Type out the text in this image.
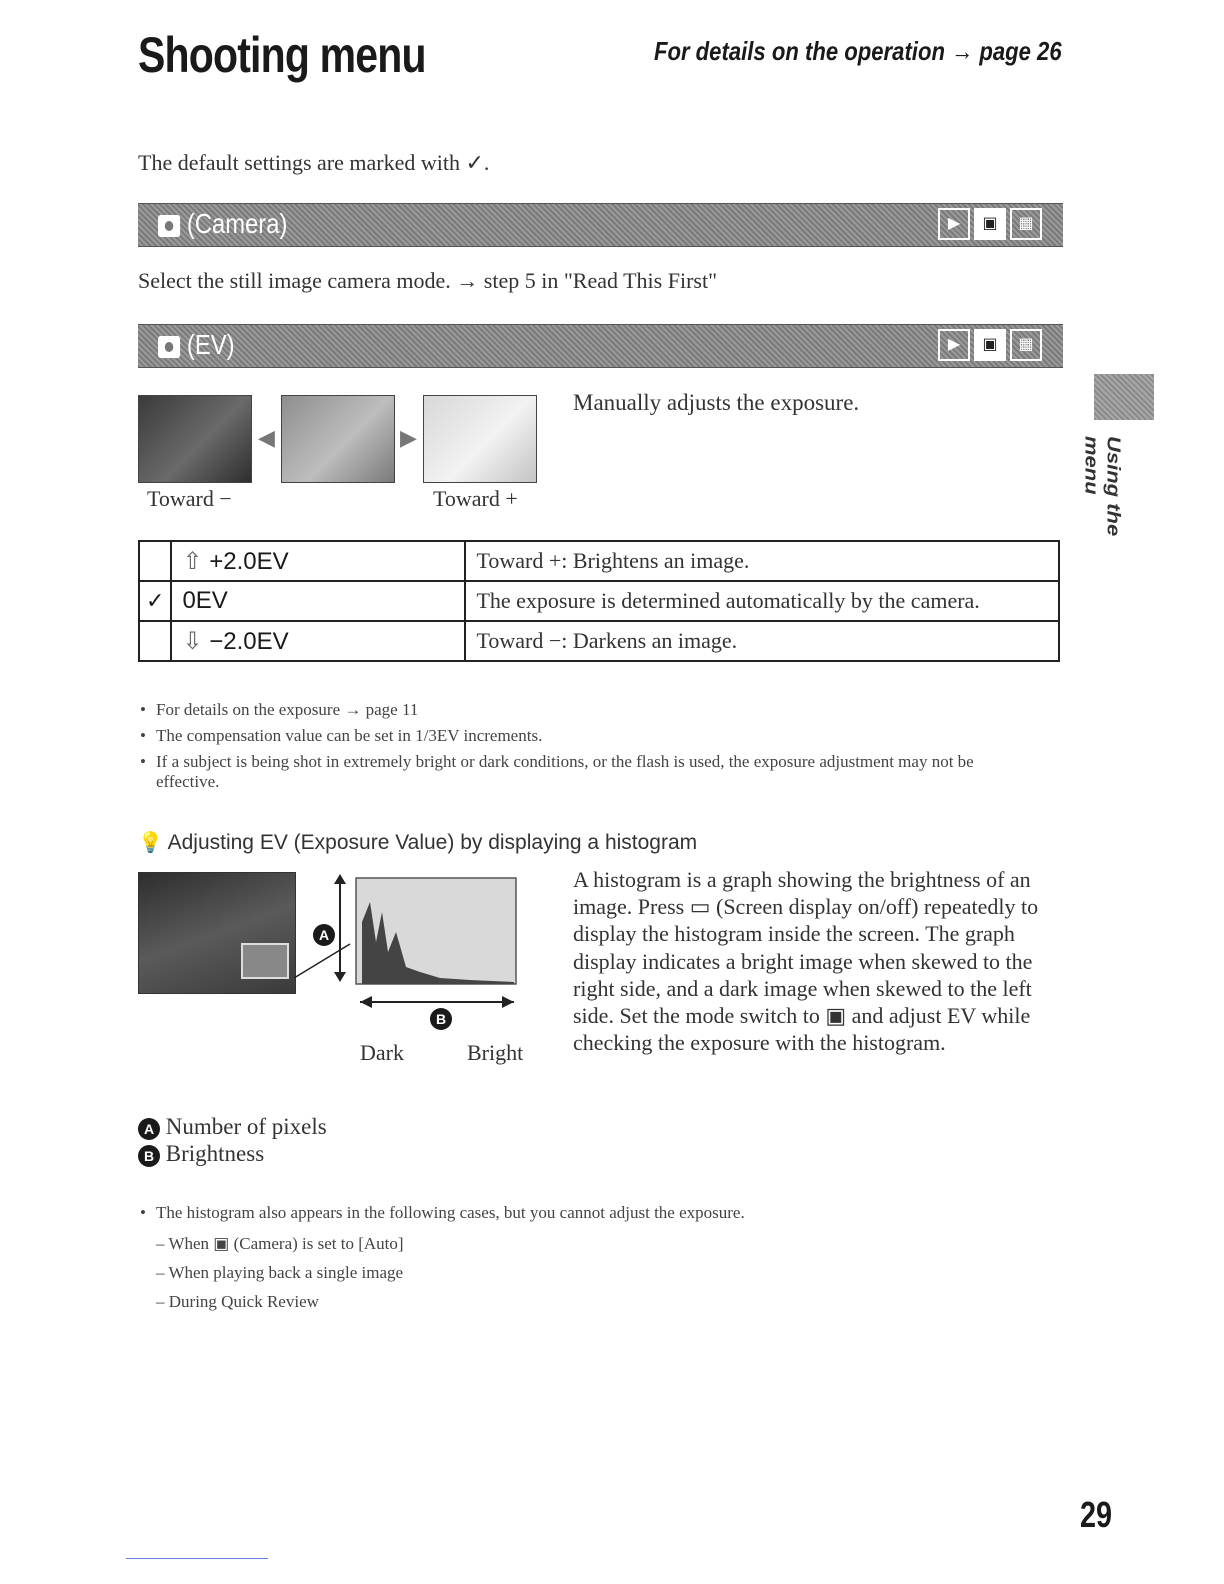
Shooting menu	For details on the operation → page 26
The default settings are marked with ✓.
(Camera)	▶	▣	▦
Select the still image camera mode. → step 5 in "Read This First"
(EV)	▶	▣	▦
◀	▶
Toward −	Toward +
Manually adjusts the exposure.
	⇧ +2.0EV	Toward +: Brightens an image.
✓	0EV	The exposure is determined automatically by the camera.
	⇩ −2.0EV	Toward −: Darkens an image.
• For details on the exposure → page 11
• The compensation value can be set in 1/3EV increments.
• If a subject is being shot in extremely bright or dark conditions, or the flash is used, the exposure adjustment may not be effective.
💡 Adjusting EV (Exposure Value) by displaying a histogram
A
B
Dark	Bright
A histogram is a graph showing the brightness of an image. Press ▭ (Screen display on/off) repeatedly to display the histogram inside the screen. The graph display indicates a bright image when skewed to the right side, and a dark image when skewed to the left side. Set the mode switch to ▣ and adjust EV while checking the exposure with the histogram.
A Number of pixels
B Brightness
• The histogram also appears in the following cases, but you cannot adjust the exposure.
– When ▣ (Camera) is set to [Auto]
– When playing back a single image
– During Quick Review
Using the menu
29
